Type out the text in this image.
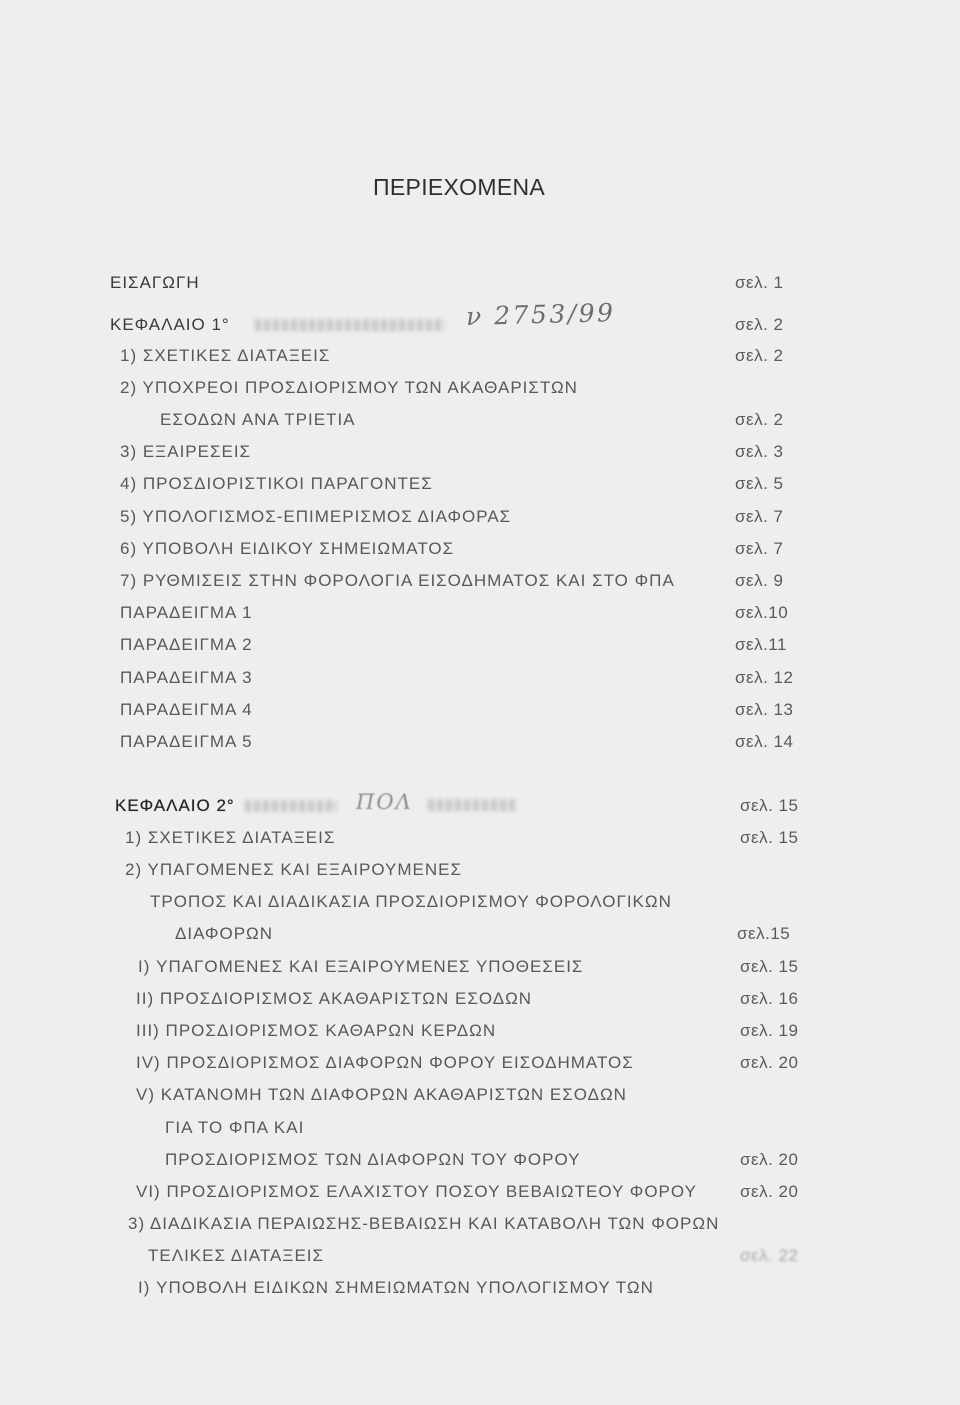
ΠΕΡΙΕΧΟΜΕΝΑ
ΕΙΣΑΓΩΓΗ	σελ. 1
ΚΕΦΑΛΑΙΟ 1°	σελ. 2
ν 2753/99
1) ΣΧΕΤΙΚΕΣ ΔΙΑΤΑΞΕΙΣ	σελ. 2
2) ΥΠΟΧΡΕΟΙ ΠΡΟΣΔΙΟΡΙΣΜΟΥ ΤΩΝ ΑΚΑΘΑΡΙΣΤΩΝ
ΕΣΟΔΩΝ ΑΝΑ ΤΡΙΕΤΙΑ	σελ. 2
3) ΕΞΑΙΡΕΣΕΙΣ	σελ. 3
4) ΠΡΟΣΔΙΟΡΙΣΤΙΚΟΙ ΠΑΡΑΓΟΝΤΕΣ	σελ. 5
5) ΥΠΟΛΟΓΙΣΜΟΣ-ΕΠΙΜΕΡΙΣΜΟΣ ΔΙΑΦΟΡΑΣ	σελ. 7
6) ΥΠΟΒΟΛΗ ΕΙΔΙΚΟΥ ΣΗΜΕΙΩΜΑΤΟΣ	σελ. 7
7) ΡΥΘΜΙΣΕΙΣ ΣΤΗΝ ΦΟΡΟΛΟΓΙΑ ΕΙΣΟΔΗΜΑΤΟΣ ΚΑΙ ΣΤΟ ΦΠΑ	σελ. 9
ΠΑΡΑΔΕΙΓΜΑ 1	σελ.10
ΠΑΡΑΔΕΙΓΜΑ 2	σελ.11
ΠΑΡΑΔΕΙΓΜΑ 3	σελ. 12
ΠΑΡΑΔΕΙΓΜΑ 4	σελ. 13
ΠΑΡΑΔΕΙΓΜΑ 5	σελ. 14
ΚΕΦΑΛΑΙΟ 2°	σελ. 15
ΠΟΛ
1) ΣΧΕΤΙΚΕΣ ΔΙΑΤΑΞΕΙΣ	σελ. 15
2) ΥΠΑΓΟΜΕΝΕΣ ΚΑΙ ΕΞΑΙΡΟΥΜΕΝΕΣ
ΤΡΟΠΟΣ ΚΑΙ ΔΙΑΔΙΚΑΣΙΑ ΠΡΟΣΔΙΟΡΙΣΜΟΥ ΦΟΡΟΛΟΓΙΚΩΝ
ΔΙΑΦΟΡΩΝ	σελ.15
I) ΥΠΑΓΟΜΕΝΕΣ ΚΑΙ ΕΞΑΙΡΟΥΜΕΝΕΣ ΥΠΟΘΕΣΕΙΣ	σελ. 15
II) ΠΡΟΣΔΙΟΡΙΣΜΟΣ ΑΚΑΘΑΡΙΣΤΩΝ ΕΣΟΔΩΝ	σελ. 16
III) ΠΡΟΣΔΙΟΡΙΣΜΟΣ ΚΑΘΑΡΩΝ ΚΕΡΔΩΝ	σελ. 19
IV) ΠΡΟΣΔΙΟΡΙΣΜΟΣ ΔΙΑΦΟΡΩΝ ΦΟΡΟΥ ΕΙΣΟΔΗΜΑΤΟΣ	σελ. 20
V) ΚΑΤΑΝΟΜΗ ΤΩΝ ΔΙΑΦΟΡΩΝ ΑΚΑΘΑΡΙΣΤΩΝ ΕΣΟΔΩΝ
ΓΙΑ ΤΟ ΦΠΑ ΚΑΙ
ΠΡΟΣΔΙΟΡΙΣΜΟΣ ΤΩΝ ΔΙΑΦΟΡΩΝ ΤΟΥ ΦΟΡΟΥ	σελ. 20
VI) ΠΡΟΣΔΙΟΡΙΣΜΟΣ ΕΛΑΧΙΣΤΟΥ ΠΟΣΟΥ ΒΕΒΑΙΩΤΕΟΥ ΦΟΡΟΥ	σελ. 20
3) ΔΙΑΔΙΚΑΣΙΑ ΠΕΡΑΙΩΣΗΣ-ΒΕΒΑΙΩΣΗ ΚΑΙ ΚΑΤΑΒΟΛΗ ΤΩΝ ΦΟΡΩΝ
ΤΕΛΙΚΕΣ ΔΙΑΤΑΞΕΙΣ	σελ. 22
I) ΥΠΟΒΟΛΗ ΕΙΔΙΚΩΝ ΣΗΜΕΙΩΜΑΤΩΝ ΥΠΟΛΟΓΙΣΜΟΥ ΤΩΝ
